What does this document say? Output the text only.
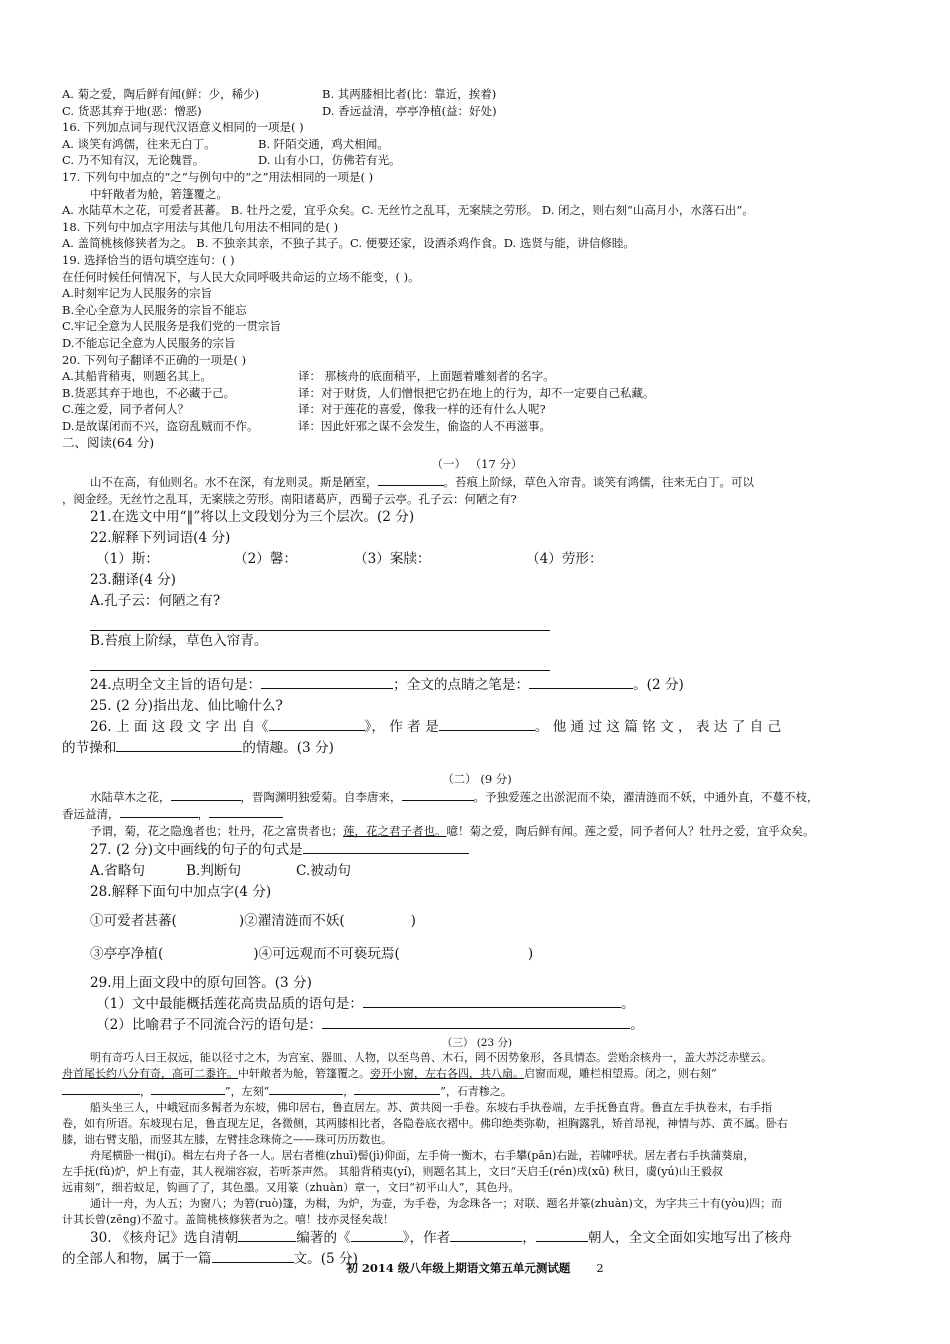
A. 菊之爱，陶后鲜有闻(鲜：少，稀少)	B. 其两膝相比者(比：靠近，挨着)
C. 货恶其弃于地(恶：憎恶)	D. 香远益清，亭亭净植(益：好处)
16. 下列加点词与现代汉语意义相同的一项是( )
A. 谈笑有鸿儒，往来无白丁。	B. 阡陌交通，鸡犬相闻。
C. 乃不知有汉，无论魏晋。	D. 山有小口，仿佛若有光。
17. 下列句中加点的“之”与例句中的“之”用法相同的一项是( )
中轩敞者为舱，箬篷覆之。
A. 水陆草木之花，可爱者甚蕃。 B. 牡丹之爱，宜乎众矣。C. 无丝竹之乱耳，无案牍之劳形。 D. 闭之，则右刻“山高月小，水落石出”。
18. 下列句中加点字用法与其他几句用法不相同的是( )
A. 盖简桃核修狭者为之。 B. 不独亲其亲，不独子其子。C. 便要还家，设酒杀鸡作食。D. 选贤与能，讲信修睦。
19. 选择恰当的语句填空连句：( )
在任何时候任何情况下，与人民大众同呼吸共命运的立场不能变，( )。
A.时刻牢记为人民服务的宗旨
B.全心全意为人民服务的宗旨不能忘
C.牢记全意为人民服务是我们党的一贯宗旨
D.不能忘记全意为人民服务的宗旨
20. 下列句子翻译不正确的一项是( )
A.其船背稍夷，则题名其上。	译： 那核舟的底面稍平，上面题着雕刻者的名字。
B.货恶其弃于地也，不必藏于己。	译：对于财货，人们憎恨把它扔在地上的行为，却不一定要自己私藏。
C.莲之爱，同予者何人？	译：对于莲花的喜爱，像我一样的还有什么人呢?
D.是故谋闭而不兴，盗窃乱贼而不作。	译：因此奸邪之谋不会发生，偷盗的人不再滋事。
二、阅读(64 分)
（一） （17 分）
山不在高，有仙则名。水不在深，有龙则灵。斯是陋室，	。苔痕上阶绿，草色入帘青。谈笑有鸿儒，往来无白丁。可以
，阅金经。无丝竹之乱耳，无案牍之劳形。南阳诸葛庐，西蜀子云亭。孔子云：何陋之有?
21.在选文中用“‖”将以上文段划分为三个层次。(2 分)
22.解释下列词语(4 分)
（1）斯：	（2）馨：	（3）案牍：	（4）劳形：
23.翻译(4 分)
A.孔子云：何陋之有?
B.苔痕上阶绿，草色入帘青。
24.点明全文主旨的语句是：	；全文的点睛之笔是：	。(2 分)
25. (2 分)指出龙、仙比喻什么?
26. 上 面 这 段 文 字 出 自《	》， 作 者 是	。 他 通 过 这 篇 铭 文 ， 表 达 了 自 己
的节操和	的情趣。(3 分)
（二） (9 分)
水陆草木之花，	，晋陶渊明独爱菊。自李唐来，	。予独爱莲之出淤泥而不染，濯清涟而不妖，中通外直，不蔓不枝，
香远益清，	，
予谓，菊，花之隐逸者也；牡丹，花之富贵者也；莲，花之君子者也。噫！菊之爱，陶后鲜有闻。莲之爱，同予者何人？牡丹之爱，宜乎众矣。
27. (2 分)文中画线的句子的句式是
A.省略句	B.判断句	C.被动句
28.解释下面句中加点字(4 分)
①可爱者甚蕃(	)②濯清涟而不妖(	)
③亭亭净植(	)④可远观而不可亵玩焉(	)
29.用上面文段中的原句回答。(3 分)
（1）文中最能概括莲花高贵品质的语句是：	。
（2）比喻君子不同流合污的语句是：	。
（三） (23 分)
明有奇巧人曰王叔远，能以径寸之木，为宫室、器皿、人物，以至鸟兽、木石，罔不因势象形，各具情态。尝贻余核舟一，盖大苏泛赤壁云。
舟首尾长约八分有奇，高可二黍许。中轩敞者为舱，箬篷覆之。旁开小窗，左右各四，共八扇。启窗而观，雕栏相望焉。闭之，则右刻“
，	”，左刻“	，	”，石青糁之。
船头坐三人，中峨冠而多髯者为东坡，佛印居右，鲁直居左。苏、黄共阅一手卷。东坡右手执卷端，左手抚鲁直背。鲁直左手执卷末，右手指
卷，如有所语。东坡现右足，鲁直现左足，各微侧，其两膝相比者，各隐卷底衣褶中。佛印绝类弥勒，袒胸露乳，矫首昂视，神情与苏、黄不属。卧右
膝，诎右臂支船，而竖其左膝，左臂挂念珠倚之——珠可历历数也。
舟尾横卧一楫(jí)。楫左右舟子各一人。居右者椎(zhuī)髻(jì)仰面，左手倚一衡木，右手攀(pān)右趾，若啸呼状。居左者右手执蒲葵扇，
左手抚(fǔ)炉，炉上有壶，其人视端容寂，若听茶声然。 其船背稍夷(yí)，则题名其上，文曰“天启壬(rén)戌(xū) 秋日，虞(yú)山王毅叔
远甫刻”，细若蚊足，钩画了了，其色墨。又用篆（zhuàn）章一，文曰“初平山人”，其色丹。
通计一舟，为人五；为窗八；为箬(ruò)篷，为楫，为炉，为壶，为手卷，为念珠各一；对联、题名并篆(zhuàn)文，为字共三十有(yòu)四；而
计其长曾(zēng)不盈寸。盖简桃核修狭者为之。嘻！技亦灵怪矣哉！
30. 《核舟记》选自清朝	编著的《	》，作者	，	朝人，全文全面如实地写出了核舟
的全部人和物，属于一篇	文。(5 分)
初 2014 级八年级上期语文第五单元测试题 2
